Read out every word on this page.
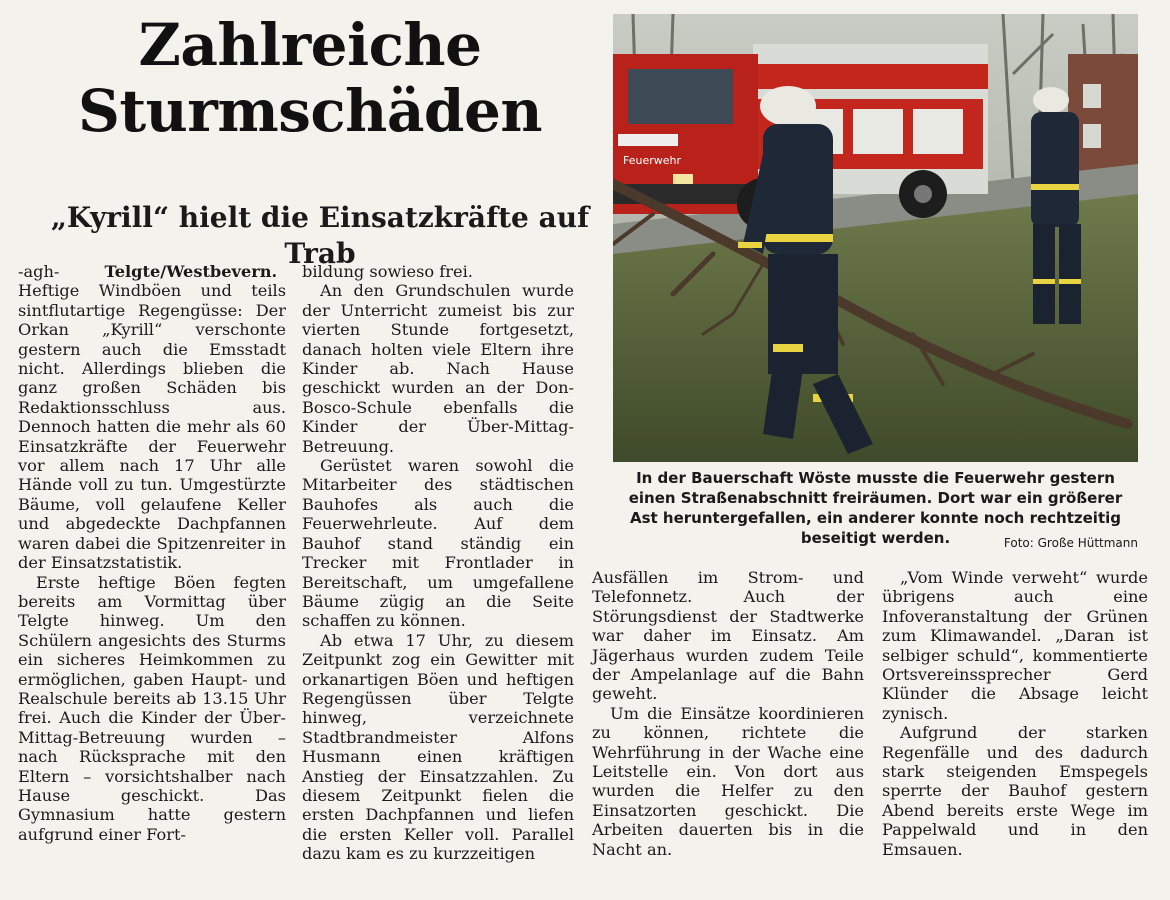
Zahlreiche
Sturmschäden
„Kyrill“ hielt die Einsatzkräfte auf Trab
-agh-	Telgte/Westbevern.

Heftige Windböen und teils sintflutartige Regengüsse: Der Orkan „Kyrill“ verschonte gestern auch die Emsstadt nicht. Allerdings blieben die ganz großen Schäden bis Redaktionsschluss aus. Dennoch hatten die mehr als 60 Einsatzkräfte der Feuerwehr vor allem nach 17 Uhr alle Hände voll zu tun. Umgestürzte Bäume, voll gelaufene Keller und abgedeckte Dachpfannen waren dabei die Spitzenreiter in der Einsatzstatistik.

Erste heftige Böen fegten bereits am Vormittag über Telgte hinweg. Um den Schülern angesichts des Sturms ein sicheres Heimkommen zu ermöglichen, gaben Haupt- und Realschule bereits ab 13.15 Uhr frei. Auch die Kinder der Über-Mittag-Betreuung wurden – nach Rücksprache mit den Eltern – vorsichtshalber nach Hause geschickt. Das Gymnasium hatte gestern aufgrund einer Fort-

bildung sowieso frei.

An den Grundschulen wurde der Unterricht zumeist bis zur vierten Stunde fortgesetzt, danach holten viele Eltern ihre Kinder ab. Nach Hause geschickt wurden an der Don-Bosco-Schule ebenfalls die Kinder der Über-Mittag-Betreuung.

Gerüstet waren sowohl die Mitarbeiter des städtischen Bauhofes als auch die Feuerwehrleute. Auf dem Bauhof stand ständig ein Trecker mit Frontlader in Bereitschaft, um umgefallene Bäume zügig an die Seite schaffen zu können.

Ab etwa 17 Uhr, zu diesem Zeitpunkt zog ein Gewitter mit orkanartigen Böen und heftigen Regengüssen über Telgte hinweg, verzeichnete Stadtbrandmeister Alfons Husmann einen kräftigen Anstieg der Einsatzzahlen. Zu diesem Zeitpunkt fielen die ersten Dachpfannen und liefen die ersten Keller voll. Parallel dazu kam es zu kurzzeitigen

Feuerwehr

In der Bauerschaft Wöste musste die Feuerwehr gestern einen Straßenabschnitt freiräumen. Dort war ein größerer Ast heruntergefallen, ein anderer konnte noch rechtzeitig beseitigt werden.	Foto: Große Hüttmann

Ausfällen im Strom- und Telefonnetz. Auch der Störungsdienst der Stadtwerke war daher im Einsatz. Am Jägerhaus wurden zudem Teile der Ampelanlage auf die Bahn geweht.

Um die Einsätze koordinieren zu können, richtete die Wehrführung in der Wache eine Leitstelle ein. Von dort aus wurden die Helfer zu den Einsatzorten geschickt. Die Arbeiten dauerten bis in die Nacht an.

„Vom Winde verweht“ wurde übrigens auch eine Infoveranstaltung der Grünen zum Klimawandel. „Daran ist selbiger schuld“, kommentierte Ortsvereinssprecher Gerd Klünder die Absage leicht zynisch.

Aufgrund der starken Regenfälle und des dadurch stark steigenden Emspegels sperrte der Bauhof gestern Abend bereits erste Wege im Pappelwald und in den Emsauen.
